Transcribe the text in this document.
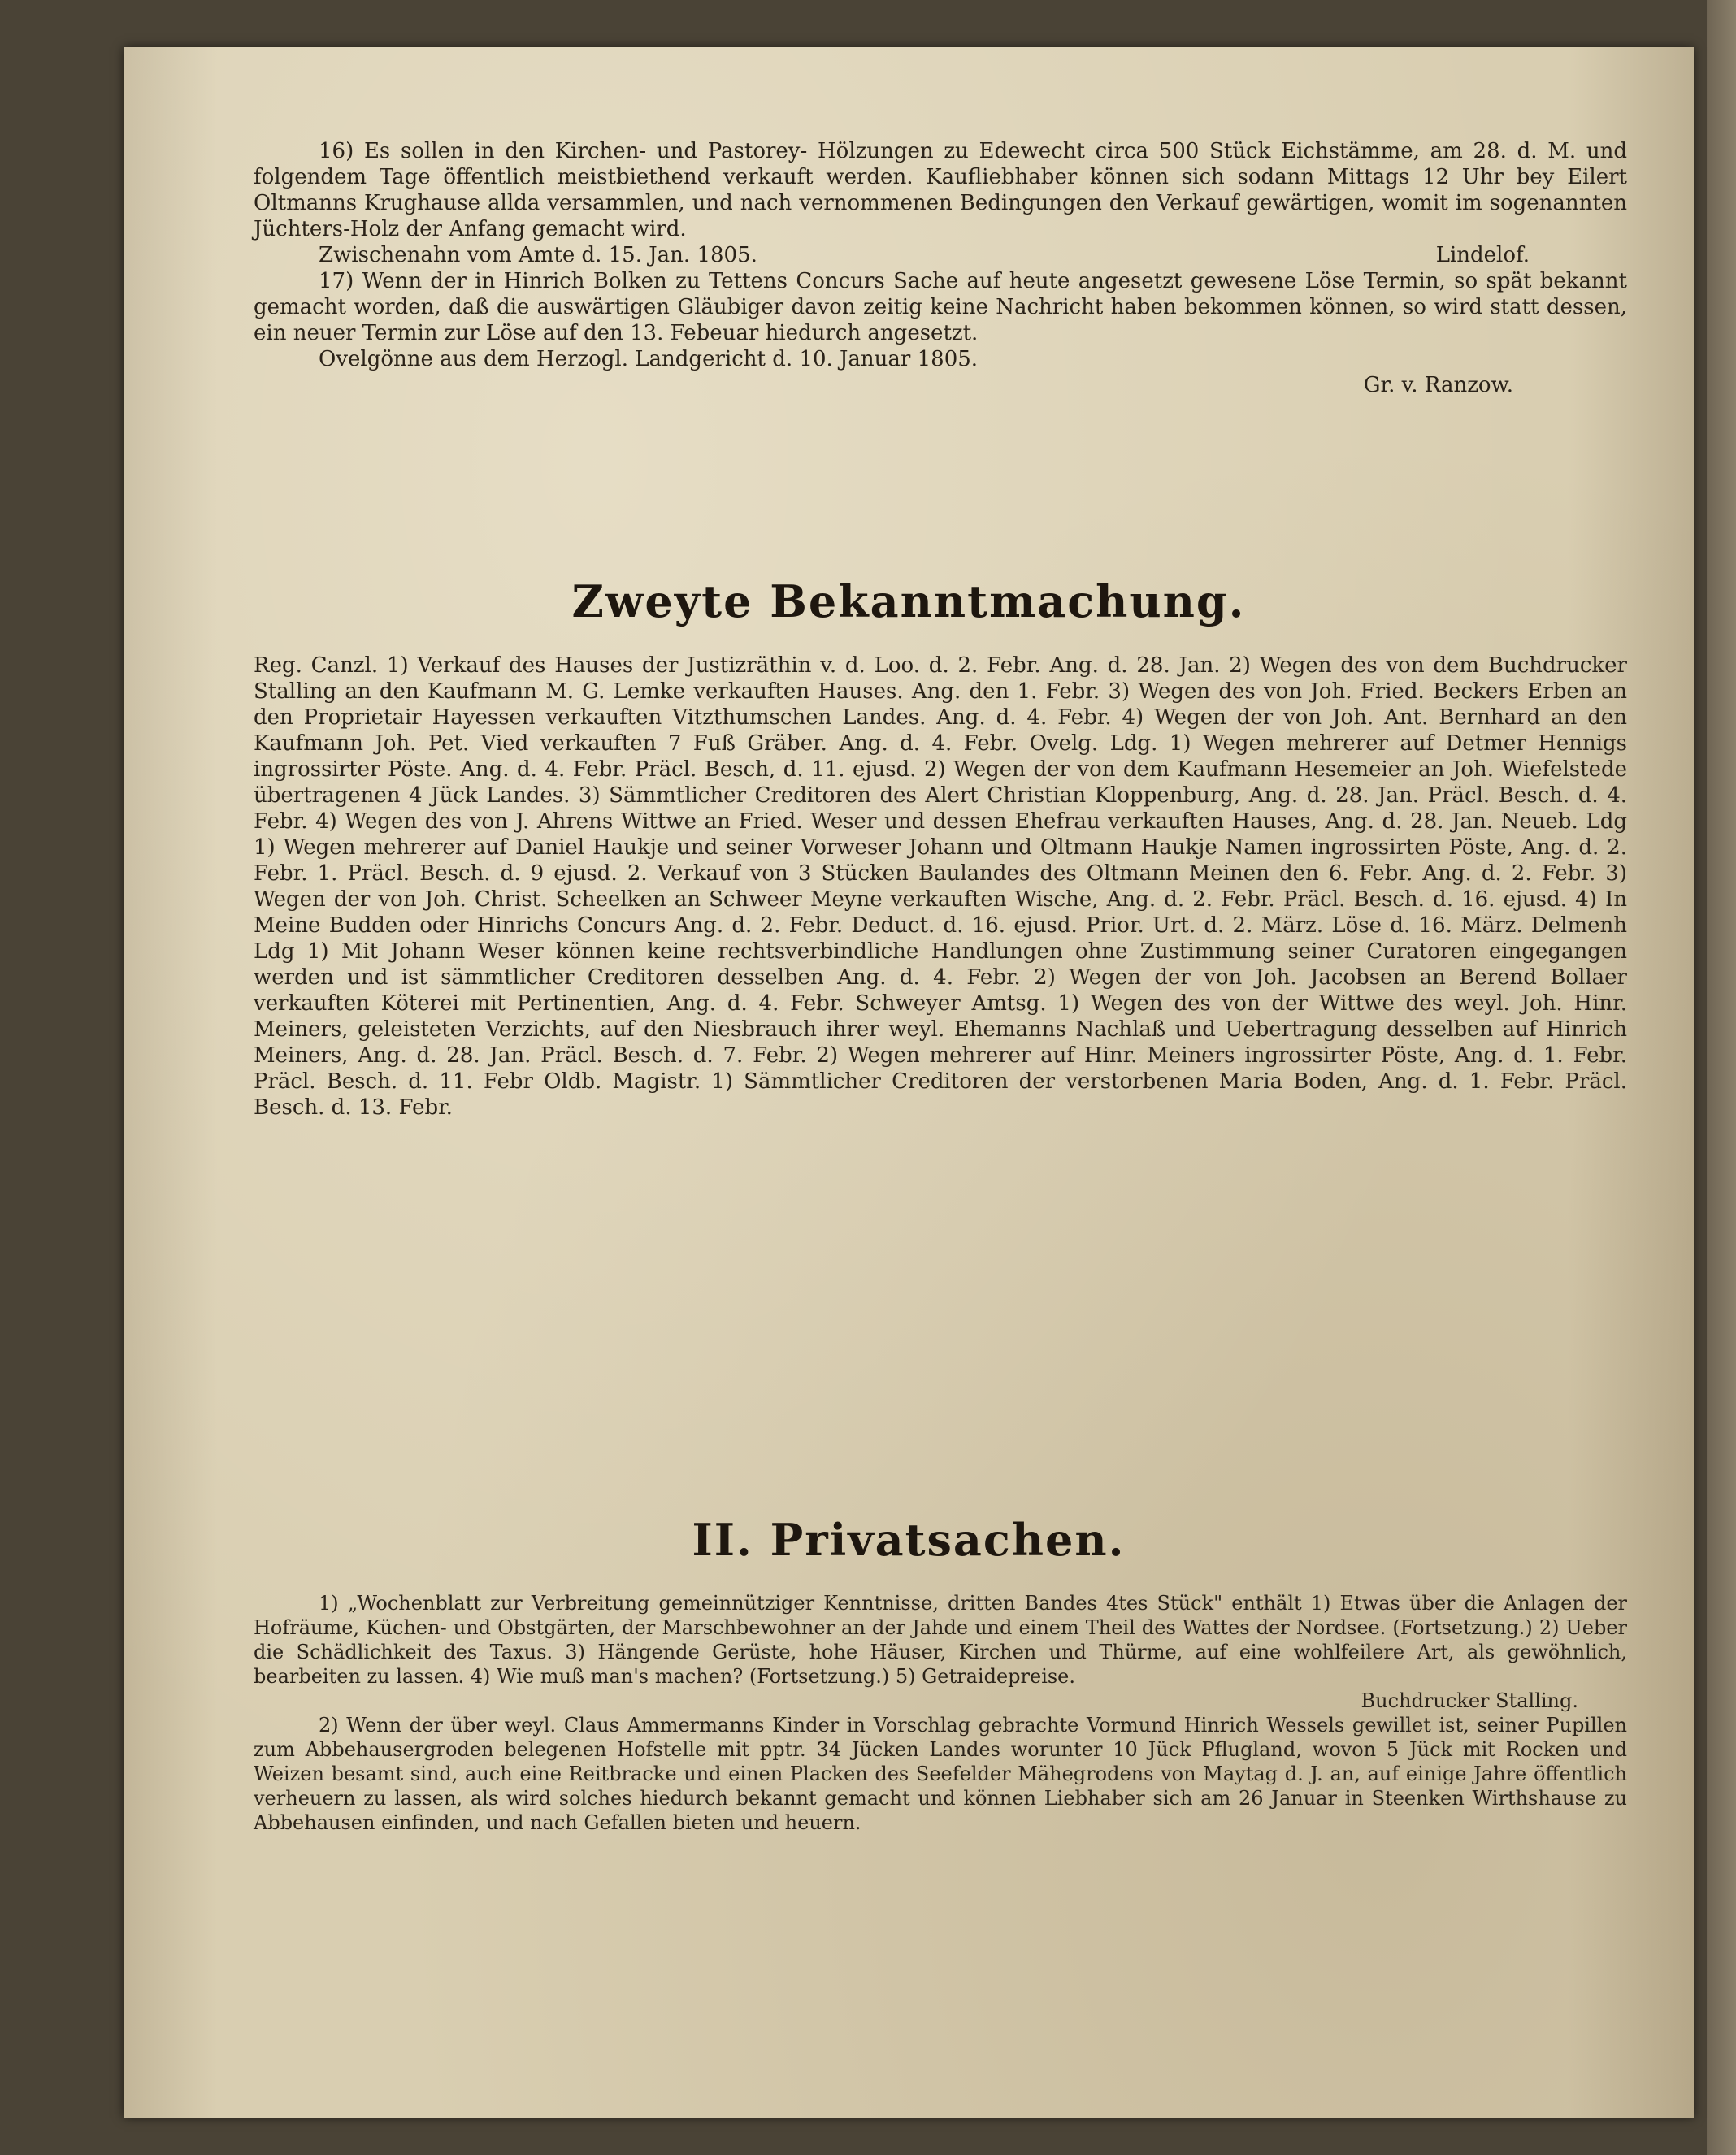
16) Es sollen in den Kirchen- und Pastorey- Hölzungen zu Edewecht circa 500 Stück Eichstämme, am 28. d. M. und folgendem Tage öffentlich meistbiethend verkauft werden. Kaufliebhaber können sich sodann Mittags 12 Uhr bey Eilert Oltmanns Krughause allda versammlen, und nach vernommenen Bedingungen den Verkauf gewärtigen, womit im sogenannten Jüchters-Holz der Anfang gemacht wird.

Zwischenahn vom Amte d. 15. Jan. 1805.	Lindelof.

17) Wenn der in Hinrich Bolken zu Tettens Concurs Sache auf heute angesetzt gewesene Löse Termin, so spät bekannt gemacht worden, daß die auswärtigen Gläubiger davon zeitig keine Nachricht haben bekommen können, so wird statt dessen, ein neuer Termin zur Löse auf den 13. Febeuar hiedurch angesetzt.

Ovelgönne aus dem Herzogl. Landgericht d. 10. Januar 1805.

Gr. v. Ranzow.

Zweyte Bekanntmachung.

Reg. Canzl. 1) Verkauf des Hauses der Justizräthin v. d. Loo. d. 2. Febr. Ang. d. 28. Jan. 2) Wegen des von dem Buchdrucker Stalling an den Kaufmann M. G. Lemke verkauften Hauses. Ang. den 1. Febr. 3) Wegen des von Joh. Fried. Beckers Erben an den Proprietair Hayessen verkauften Vitzthumschen Landes. Ang. d. 4. Febr. 4) Wegen der von Joh. Ant. Bernhard an den Kaufmann Joh. Pet. Vied verkauften 7 Fuß Gräber. Ang. d. 4. Febr. Ovelg. Ldg. 1) Wegen mehrerer auf Detmer Hennigs ingrossirter Pöste. Ang. d. 4. Febr. Präcl. Besch, d. 11. ejusd. 2) Wegen der von dem Kaufmann Hesemeier an Joh. Wiefelstede übertragenen 4 Jück Landes. 3) Sämmtlicher Creditoren des Alert Christian Kloppenburg, Ang. d. 28. Jan. Präcl. Besch. d. 4. Febr. 4) Wegen des von J. Ahrens Wittwe an Fried. Weser und dessen Ehefrau verkauften Hauses, Ang. d. 28. Jan. Neueb. Ldg 1) Wegen mehrerer auf Daniel Haukje und seiner Vorweser Johann und Oltmann Haukje Namen ingrossirten Pöste, Ang. d. 2. Febr. 1. Präcl. Besch. d. 9 ejusd. 2. Verkauf von 3 Stücken Baulandes des Oltmann Meinen den 6. Febr. Ang. d. 2. Febr. 3) Wegen der von Joh. Christ. Scheelken an Schweer Meyne verkauften Wische, Ang. d. 2. Febr. Präcl. Besch. d. 16. ejusd. 4) In Meine Budden oder Hinrichs Concurs Ang. d. 2. Febr. Deduct. d. 16. ejusd. Prior. Urt. d. 2. März. Löse d. 16. März. Delmenh Ldg 1) Mit Johann Weser können keine rechtsverbindliche Handlungen ohne Zustimmung seiner Curatoren eingegangen werden und ist sämmtlicher Creditoren desselben Ang. d. 4. Febr. 2) Wegen der von Joh. Jacobsen an Berend Bollaer verkauften Köterei mit Pertinentien, Ang. d. 4. Febr. Schweyer Amtsg. 1) Wegen des von der Wittwe des weyl. Joh. Hinr. Meiners, geleisteten Verzichts, auf den Niesbrauch ihrer weyl. Ehemanns Nachlaß und Uebertragung desselben auf Hinrich Meiners, Ang. d. 28. Jan. Präcl. Besch. d. 7. Febr. 2) Wegen mehrerer auf Hinr. Meiners ingrossirter Pöste, Ang. d. 1. Febr. Präcl. Besch. d. 11. Febr Oldb. Magistr. 1) Sämmtlicher Creditoren der verstorbenen Maria Boden, Ang. d. 1. Febr. Präcl. Besch. d. 13. Febr.

II. Privatsachen.

1) „Wochenblatt zur Verbreitung gemeinnütziger Kenntnisse, dritten Bandes 4tes Stück" enthält 1) Etwas über die Anlagen der Hofräume, Küchen- und Obstgärten, der Marschbewohner an der Jahde und einem Theil des Wattes der Nordsee. (Fortsetzung.) 2) Ueber die Schädlichkeit des Taxus. 3) Hängende Gerüste, hohe Häuser, Kirchen und Thürme, auf eine wohlfeilere Art, als gewöhnlich, bearbeiten zu lassen. 4) Wie muß man's machen? (Fortsetzung.) 5) Getraidepreise.

Buchdrucker Stalling.

2) Wenn der über weyl. Claus Ammermanns Kinder in Vorschlag gebrachte Vormund Hinrich Wessels gewillet ist, seiner Pupillen zum Abbehausergroden belegenen Hofstelle mit pptr. 34 Jücken Landes worunter 10 Jück Pflugland, wovon 5 Jück mit Rocken und Weizen besamt sind, auch eine Reitbracke und einen Placken des Seefelder Mähegrodens von Maytag d. J. an, auf einige Jahre öffentlich verheuern zu lassen, als wird solches hiedurch bekannt gemacht und können Liebhaber sich am 26 Januar in Steenken Wirthshause zu Abbehausen einfinden, und nach Gefallen bieten und heuern.
